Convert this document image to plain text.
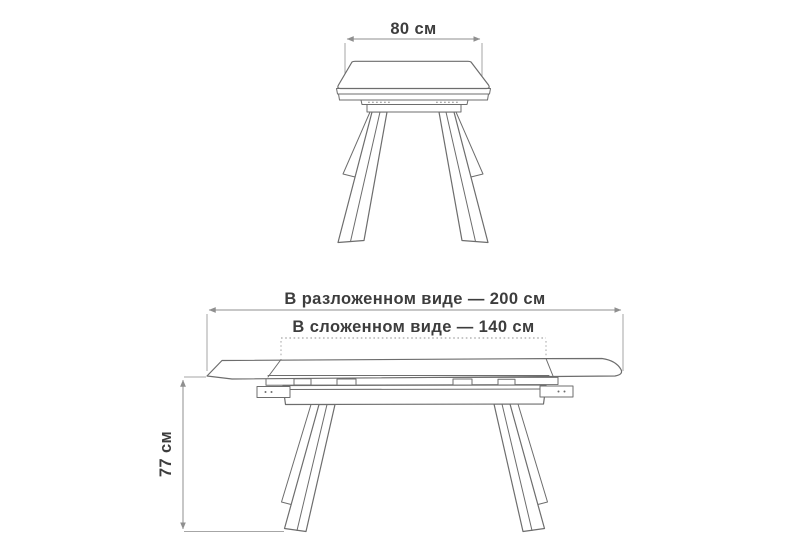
80 см
В разложенном виде — 200 см
В сложенном виде — 140 см
77 см
